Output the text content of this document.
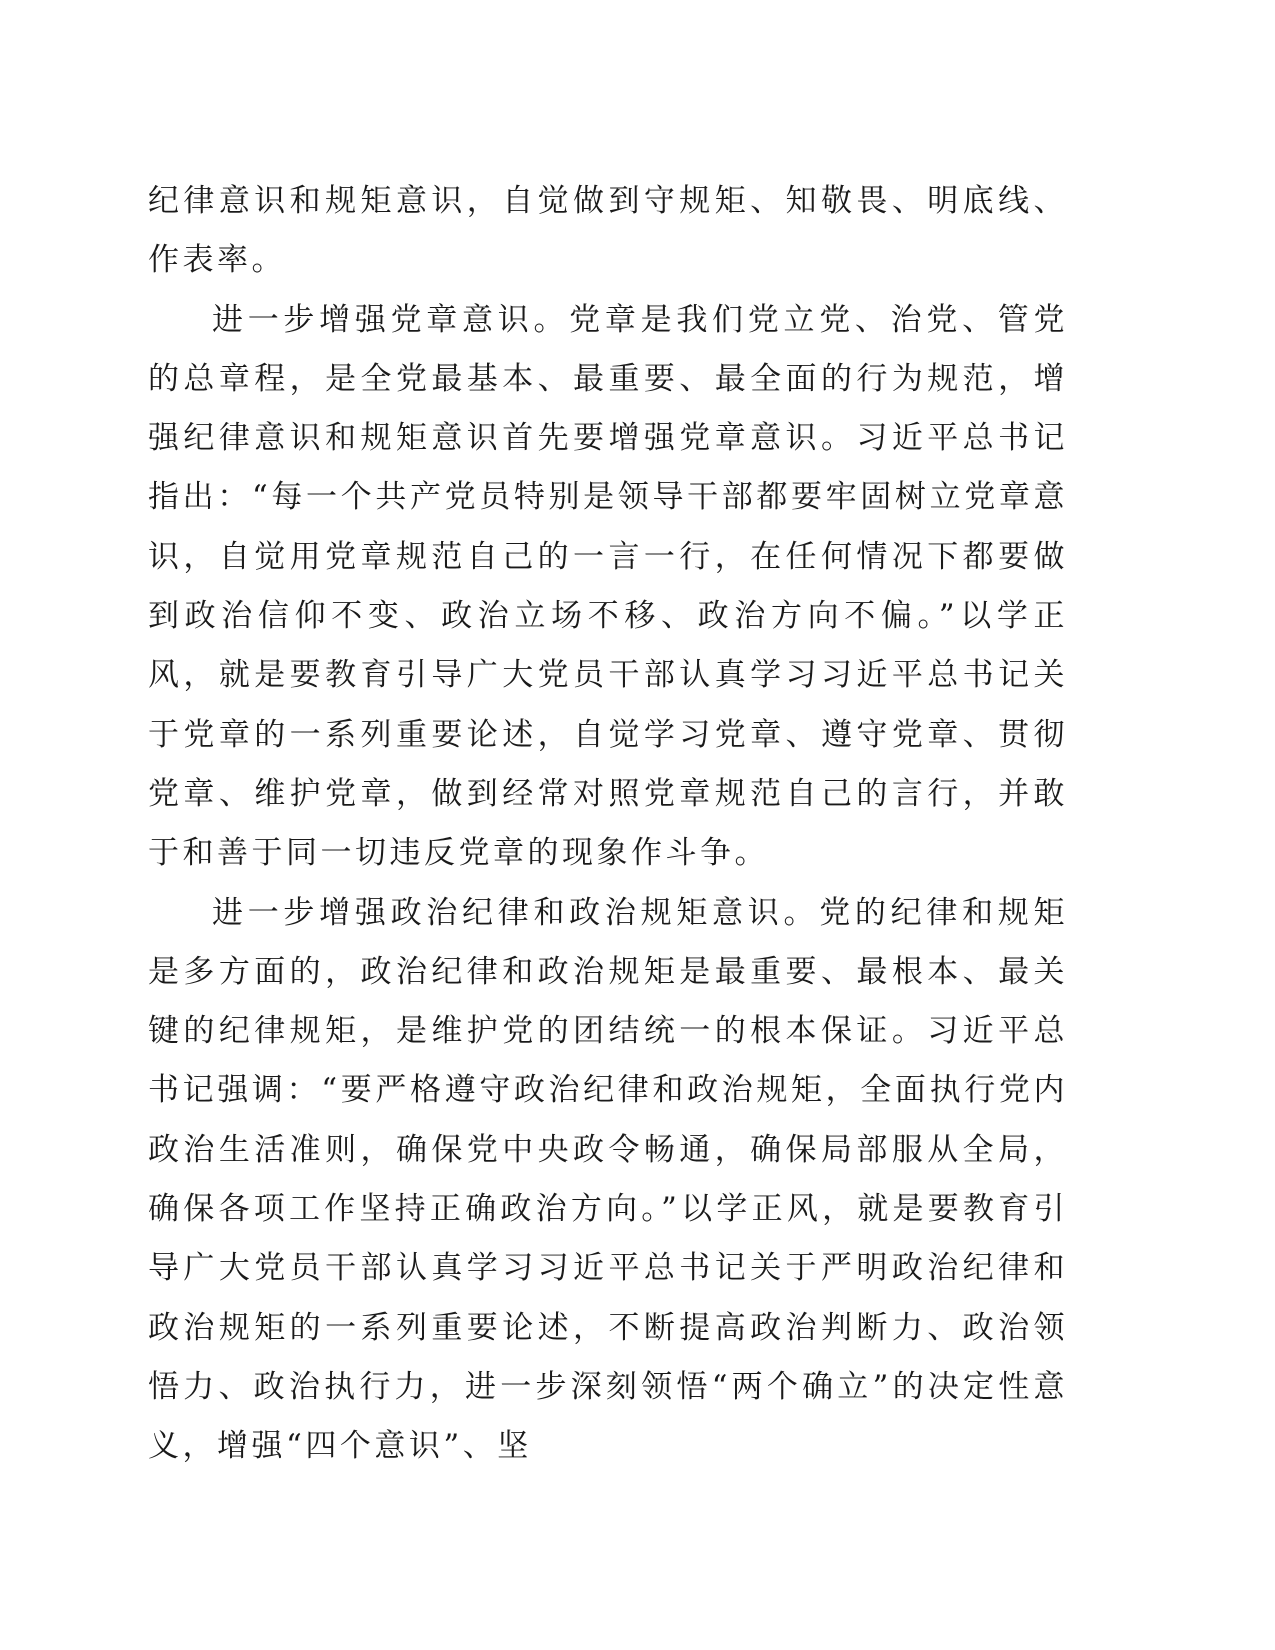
纪律意识和规矩意识，自觉做到守规矩、知敬畏、明底线、作表率。

进一步增强党章意识。党章是我们党立党、治党、管党的总章程，是全党最基本、最重要、最全面的行为规范，增强纪律意识和规矩意识首先要增强党章意识。习近平总书记指出：“每一个共产党员特别是领导干部都要牢固树立党章意识，自觉用党章规范自己的一言一行，在任何情况下都要做到政治信仰不变、政治立场不移、政治方向不偏。”以学正风，就是要教育引导广大党员干部认真学习习近平总书记关于党章的一系列重要论述，自觉学习党章、遵守党章、贯彻党章、维护党章，做到经常对照党章规范自己的言行，并敢于和善于同一切违反党章的现象作斗争。

进一步增强政治纪律和政治规矩意识。党的纪律和规矩是多方面的，政治纪律和政治规矩是最重要、最根本、最关键的纪律规矩，是维护党的团结统一的根本保证。习近平总书记强调：“要严格遵守政治纪律和政治规矩，全面执行党内政治生活准则，确保党中央政令畅通，确保局部服从全局，确保各项工作坚持正确政治方向。”以学正风，就是要教育引导广大党员干部认真学习习近平总书记关于严明政治纪律和政治规矩的一系列重要论述，不断提高政治判断力、政治领悟力、政治执行力，进一步深刻领悟“两个确立”的决定性意义，增强“四个意识”、坚
